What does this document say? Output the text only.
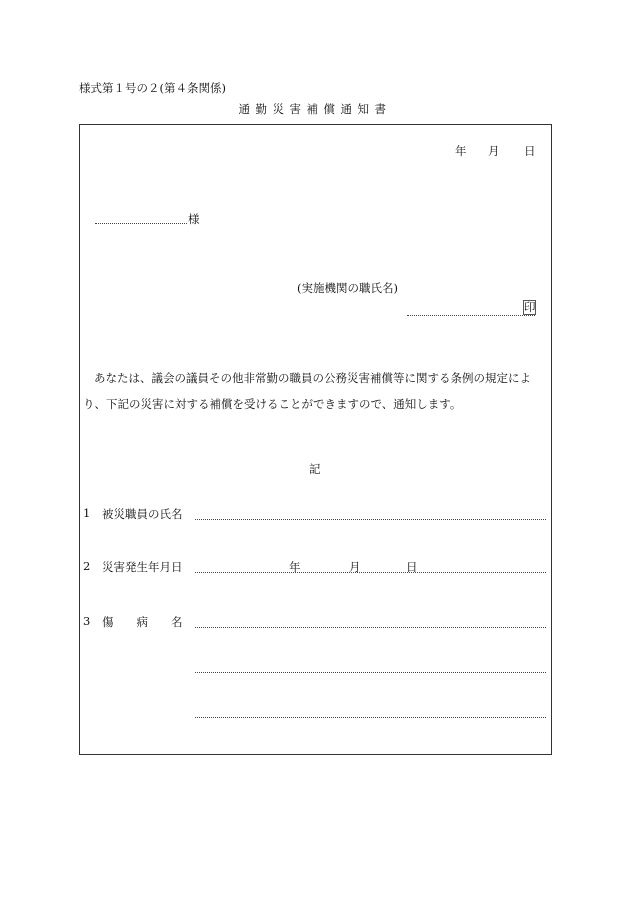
様式第１号の２(第４条関係)
通勤災害補償通知書
年 月 日
様
(実施機関の職氏名)
印
あなたは、議会の議員その他非常勤の職員の公務災害補償等に関する条例の規定によ
り、下記の災害に対する補償を受けることができますので、通知します。
記
1 被災職員の氏名
2 災害発生年月日	年	月	日
3 傷　　病　　名
